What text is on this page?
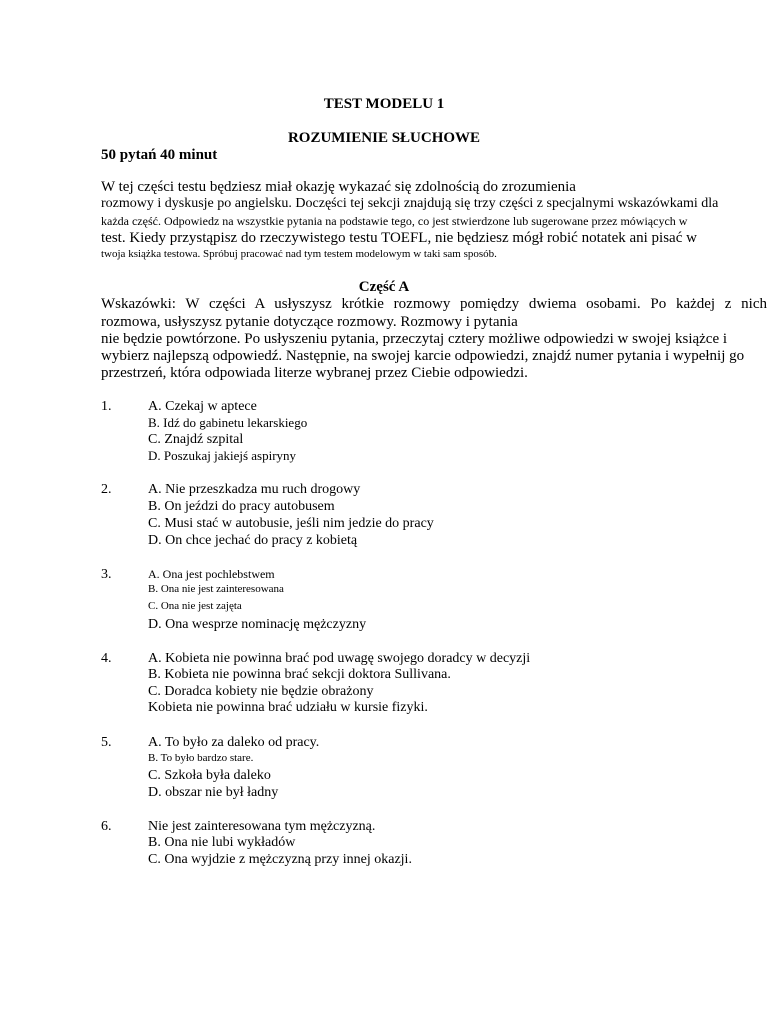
TEST MODELU 1
ROZUMIENIE SŁUCHOWE
50 pytań 40 minut
W tej części testu będziesz miał okazję wykazać się zdolnością do zrozumienia
rozmowy i dyskusje po angielsku. Doczęści tej sekcji znajdują się trzy części z specjalnymi wskazówkami dla
każda część. Odpowiedz na wszystkie pytania na podstawie tego, co jest stwierdzone lub sugerowane przez mówiących w
test. Kiedy przystąpisz do rzeczywistego testu TOEFL, nie będziesz mógł robić notatek ani pisać w
twoja książka testowa. Spróbuj pracować nad tym testem modelowym w taki sam sposób.
Część A
Wskazówki: W części A usłyszysz krótkie rozmowy pomiędzy dwiema osobami. Po każdej z nich
rozmowa, usłyszysz pytanie dotyczące rozmowy. Rozmowy i pytania
nie będzie powtórzone. Po usłyszeniu pytania, przeczytaj cztery możliwe odpowiedzi w swojej książce i
wybierz najlepszą odpowiedź. Następnie, na swojej karcie odpowiedzi, znajdź numer pytania i wypełnij go
przestrzeń, która odpowiada literze wybranej przez Ciebie odpowiedzi.
1.	A. Czekaj w aptece
B. Idź do gabinetu lekarskiego
C. Znajdź szpital
D. Poszukaj jakiejś aspiryny
2.	A. Nie przeszkadza mu ruch drogowy
B. On jeździ do pracy autobusem
C. Musi stać w autobusie, jeśli nim jedzie do pracy
D. On chce jechać do pracy z kobietą
3.	A. Ona jest pochlebstwem
B. Ona nie jest zainteresowana
C. Ona nie jest zajęta
D. Ona wesprze nominację mężczyzny
4.	A. Kobieta nie powinna brać pod uwagę swojego doradcy w decyzji
B. Kobieta nie powinna brać sekcji doktora Sullivana.
C. Doradca kobiety nie będzie obrażony
Kobieta nie powinna brać udziału w kursie fizyki.
5.	A. To było za daleko od pracy.
B. To było bardzo stare.
C. Szkoła była daleko
D. obszar nie był ładny
6.	Nie jest zainteresowana tym mężczyzną.
B. Ona nie lubi wykładów
C. Ona wyjdzie z mężczyzną przy innej okazji.
